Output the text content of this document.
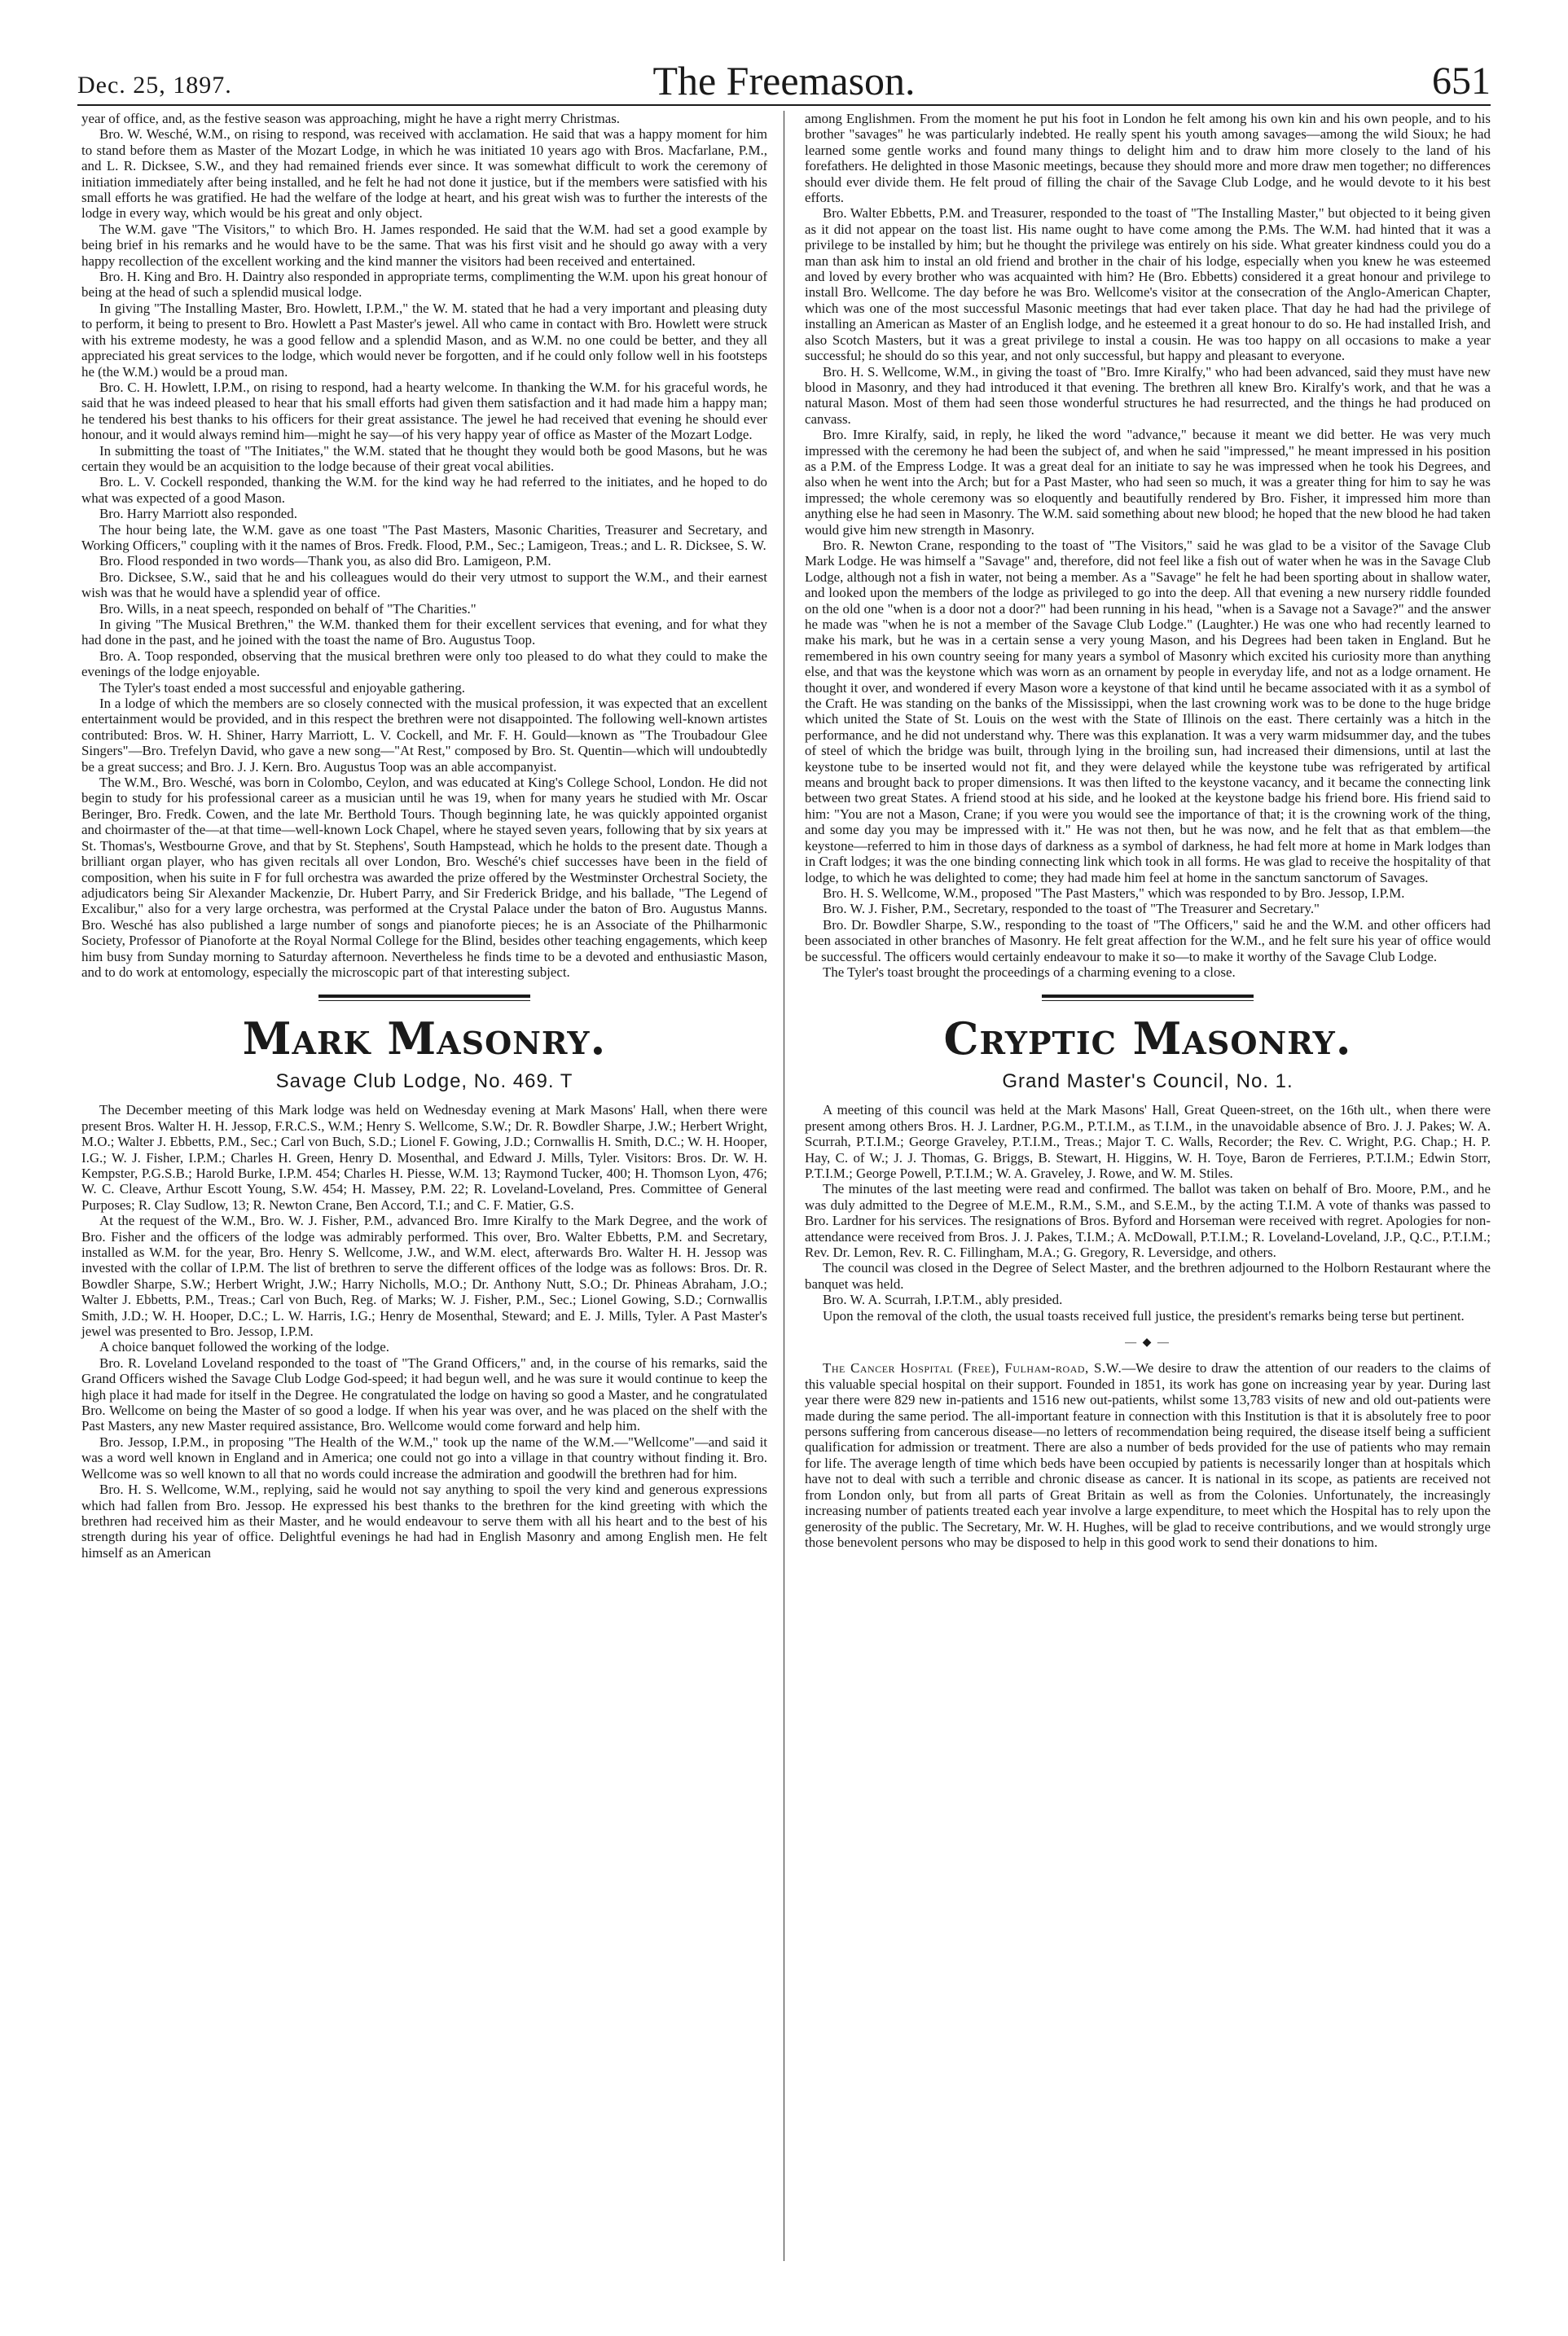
Dec. 25, 1897.	The Freemason.	651

year of office, and, as the festive season was approaching, might he have a right merry Christmas.

Bro. W. Wesché, W.M., on rising to respond, was received with acclamation. He said that was a happy moment for him to stand before them as Master of the Mozart Lodge, in which he was initiated 10 years ago with Bros. Macfarlane, P.M., and L. R. Dicksee, S.W., and they had remained friends ever since. It was somewhat difficult to work the ceremony of initiation immediately after being installed, and he felt he had not done it justice, but if the members were satisfied with his small efforts he was gratified. He had the welfare of the lodge at heart, and his great wish was to further the interests of the lodge in every way, which would be his great and only object.

The W.M. gave "The Visitors," to which Bro. H. James responded. He said that the W.M. had set a good example by being brief in his remarks and he would have to be the same. That was his first visit and he should go away with a very happy recollection of the excellent working and the kind manner the visitors had been received and entertained.

Bro. H. King and Bro. H. Daintry also responded in appropriate terms, complimenting the W.M. upon his great honour of being at the head of such a splendid musical lodge.

In giving "The Installing Master, Bro. Howlett, I.P.M.," the W. M. stated that he had a very important and pleasing duty to perform, it being to present to Bro. Howlett a Past Master's jewel. All who came in contact with Bro. Howlett were struck with his extreme modesty, he was a good fellow and a splendid Mason, and as W.M. no one could be better, and they all appreciated his great services to the lodge, which would never be forgotten, and if he could only follow well in his footsteps he (the W.M.) would be a proud man.

Bro. C. H. Howlett, I.P.M., on rising to respond, had a hearty welcome. In thanking the W.M. for his graceful words, he said that he was indeed pleased to hear that his small efforts had given them satisfaction and it had made him a happy man; he tendered his best thanks to his officers for their great assistance. The jewel he had received that evening he should ever honour, and it would always remind him—might he say—of his very happy year of office as Master of the Mozart Lodge.

In submitting the toast of "The Initiates," the W.M. stated that he thought they would both be good Masons, but he was certain they would be an acquisition to the lodge because of their great vocal abilities.

Bro. L. V. Cockell responded, thanking the W.M. for the kind way he had referred to the initiates, and he hoped to do what was expected of a good Mason.

Bro. Harry Marriott also responded.

The hour being late, the W.M. gave as one toast "The Past Masters, Masonic Charities, Treasurer and Secretary, and Working Officers," coupling with it the names of Bros. Fredk. Flood, P.M., Sec.; Lamigeon, Treas.; and L. R. Dicksee, S. W.

Bro. Flood responded in two words—Thank you, as also did Bro. Lamigeon, P.M.

Bro. Dicksee, S.W., said that he and his colleagues would do their very utmost to support the W.M., and their earnest wish was that he would have a splendid year of office.

Bro. Wills, in a neat speech, responded on behalf of "The Charities."

In giving "The Musical Brethren," the W.M. thanked them for their excellent services that evening, and for what they had done in the past, and he joined with the toast the name of Bro. Augustus Toop.

Bro. A. Toop responded, observing that the musical brethren were only too pleased to do what they could to make the evenings of the lodge enjoyable.

The Tyler's toast ended a most successful and enjoyable gathering.

In a lodge of which the members are so closely connected with the musical profession, it was expected that an excellent entertainment would be provided, and in this respect the brethren were not disappointed. The following well-known artistes contributed: Bros. W. H. Shiner, Harry Marriott, L. V. Cockell, and Mr. F. H. Gould—known as "The Troubadour Glee Singers"—Bro. Trefelyn David, who gave a new song—"At Rest," composed by Bro. St. Quentin—which will undoubtedly be a great success; and Bro. J. J. Kern. Bro. Augustus Toop was an able accompanyist.

The W.M., Bro. Wesché, was born in Colombo, Ceylon, and was educated at King's College School, London. He did not begin to study for his professional career as a musician until he was 19, when for many years he studied with Mr. Oscar Beringer, Bro. Fredk. Cowen, and the late Mr. Berthold Tours. Though beginning late, he was quickly appointed organist and choirmaster of the—at that time—well-known Lock Chapel, where he stayed seven years, following that by six years at St. Thomas's, Westbourne Grove, and that by St. Stephens', South Hampstead, which he holds to the present date. Though a brilliant organ player, who has given recitals all over London, Bro. Wesché's chief successes have been in the field of composition, when his suite in F for full orchestra was awarded the prize offered by the Westminster Orchestral Society, the adjudicators being Sir Alexander Mackenzie, Dr. Hubert Parry, and Sir Frederick Bridge, and his ballade, "The Legend of Excalibur," also for a very large orchestra, was performed at the Crystal Palace under the baton of Bro. Augustus Manns. Bro. Wesché has also published a large number of songs and pianoforte pieces; he is an Associate of the Philharmonic Society, Professor of Pianoforte at the Royal Normal College for the Blind, besides other teaching engagements, which keep him busy from Sunday morning to Saturday afternoon. Nevertheless he finds time to be a devoted and enthusiastic Mason, and to do work at entomology, especially the microscopic part of that interesting subject.

Mark Masonry.
Savage Club Lodge, No. 469. T

The December meeting of this Mark lodge was held on Wednesday evening at Mark Masons' Hall, when there were present Bros. Walter H. H. Jessop, F.R.C.S., W.M.; Henry S. Wellcome, S.W.; Dr. R. Bowdler Sharpe, J.W.; Herbert Wright, M.O.; Walter J. Ebbetts, P.M., Sec.; Carl von Buch, S.D.; Lionel F. Gowing, J.D.; Cornwallis H. Smith, D.C.; W. H. Hooper, I.G.; W. J. Fisher, I.P.M.; Charles H. Green, Henry D. Mosenthal, and Edward J. Mills, Tyler. Visitors: Bros. Dr. W. H. Kempster, P.G.S.B.; Harold Burke, I.P.M. 454; Charles H. Piesse, W.M. 13; Raymond Tucker, 400; H. Thomson Lyon, 476; W. C. Cleave, Arthur Escott Young, S.W. 454; H. Massey, P.M. 22; R. Loveland-Loveland, Pres. Committee of General Purposes; R. Clay Sudlow, 13; R. Newton Crane, Ben Accord, T.I.; and C. F. Matier, G.S.

At the request of the W.M., Bro. W. J. Fisher, P.M., advanced Bro. Imre Kiralfy to the Mark Degree, and the work of Bro. Fisher and the officers of the lodge was admirably performed. This over, Bro. Walter Ebbetts, P.M. and Secretary, installed as W.M. for the year, Bro. Henry S. Wellcome, J.W., and W.M. elect, afterwards Bro. Walter H. H. Jessop was invested with the collar of I.P.M. The list of brethren to serve the different offices of the lodge was as follows: Bros. Dr. R. Bowdler Sharpe, S.W.; Herbert Wright, J.W.; Harry Nicholls, M.O.; Dr. Anthony Nutt, S.O.; Dr. Phineas Abraham, J.O.; Walter J. Ebbetts, P.M., Treas.; Carl von Buch, Reg. of Marks; W. J. Fisher, P.M., Sec.; Lionel Gowing, S.D.; Cornwallis Smith, J.D.; W. H. Hooper, D.C.; L. W. Harris, I.G.; Henry de Mosenthal, Steward; and E. J. Mills, Tyler. A Past Master's jewel was presented to Bro. Jessop, I.P.M.

A choice banquet followed the working of the lodge.

Bro. R. Loveland Loveland responded to the toast of "The Grand Officers," and, in the course of his remarks, said the Grand Officers wished the Savage Club Lodge God-speed; it had begun well, and he was sure it would continue to keep the high place it had made for itself in the Degree. He congratulated the lodge on having so good a Master, and he congratulated Bro. Wellcome on being the Master of so good a lodge. If when his year was over, and he was placed on the shelf with the Past Masters, any new Master required assistance, Bro. Wellcome would come forward and help him.

Bro. Jessop, I.P.M., in proposing "The Health of the W.M.," took up the name of the W.M.—"Wellcome"—and said it was a word well known in England and in America; one could not go into a village in that country without finding it. Bro. Wellcome was so well known to all that no words could increase the admiration and goodwill the brethren had for him.

Bro. H. S. Wellcome, W.M., replying, said he would not say anything to spoil the very kind and generous expressions which had fallen from Bro. Jessop. He expressed his best thanks to the brethren for the kind greeting with which the brethren had received him as their Master, and he would endeavour to serve them with all his heart and to the best of his strength during his year of office. Delightful evenings he had had in English Masonry and among English men. He felt himself as an American

among Englishmen. From the moment he put his foot in London he felt among his own kin and his own people, and to his brother "savages" he was particularly indebted. He really spent his youth among savages—among the wild Sioux; he had learned some gentle works and found many things to delight him and to draw him more closely to the land of his forefathers. He delighted in those Masonic meetings, because they should more and more draw men together; no differences should ever divide them. He felt proud of filling the chair of the Savage Club Lodge, and he would devote to it his best efforts.

Bro. Walter Ebbetts, P.M. and Treasurer, responded to the toast of "The Installing Master," but objected to it being given as it did not appear on the toast list. His name ought to have come among the P.Ms. The W.M. had hinted that it was a privilege to be installed by him; but he thought the privilege was entirely on his side. What greater kindness could you do a man than ask him to instal an old friend and brother in the chair of his lodge, especially when you knew he was esteemed and loved by every brother who was acquainted with him? He (Bro. Ebbetts) considered it a great honour and privilege to install Bro. Wellcome. The day before he was Bro. Wellcome's visitor at the consecration of the Anglo-American Chapter, which was one of the most successful Masonic meetings that had ever taken place. That day he had had the privilege of installing an American as Master of an English lodge, and he esteemed it a great honour to do so. He had installed Irish, and also Scotch Masters, but it was a great privilege to instal a cousin. He was too happy on all occasions to make a year successful; he should do so this year, and not only successful, but happy and pleasant to everyone.

Bro. H. S. Wellcome, W.M., in giving the toast of "Bro. Imre Kiralfy," who had been advanced, said they must have new blood in Masonry, and they had introduced it that evening. The brethren all knew Bro. Kiralfy's work, and that he was a natural Mason. Most of them had seen those wonderful structures he had resurrected, and the things he had produced on canvass.

Bro. Imre Kiralfy, said, in reply, he liked the word "advance," because it meant we did better. He was very much impressed with the ceremony he had been the subject of, and when he said "impressed," he meant impressed in his position as a P.M. of the Empress Lodge. It was a great deal for an initiate to say he was impressed when he took his Degrees, and also when he went into the Arch; but for a Past Master, who had seen so much, it was a greater thing for him to say he was impressed; the whole ceremony was so eloquently and beautifully rendered by Bro. Fisher, it impressed him more than anything else he had seen in Masonry. The W.M. said something about new blood; he hoped that the new blood he had taken would give him new strength in Masonry.

Bro. R. Newton Crane, responding to the toast of "The Visitors," said he was glad to be a visitor of the Savage Club Mark Lodge. He was himself a "Savage" and, therefore, did not feel like a fish out of water when he was in the Savage Club Lodge, although not a fish in water, not being a member. As a "Savage" he felt he had been sporting about in shallow water, and looked upon the members of the lodge as privileged to go into the deep. All that evening a new nursery riddle founded on the old one "when is a door not a door?" had been running in his head, "when is a Savage not a Savage?" and the answer he made was "when he is not a member of the Savage Club Lodge." (Laughter.) He was one who had recently learned to make his mark, but he was in a certain sense a very young Mason, and his Degrees had been taken in England. But he remembered in his own country seeing for many years a symbol of Masonry which excited his curiosity more than anything else, and that was the keystone which was worn as an ornament by people in everyday life, and not as a lodge ornament. He thought it over, and wondered if every Mason wore a keystone of that kind until he became associated with it as a symbol of the Craft. He was standing on the banks of the Mississippi, when the last crowning work was to be done to the huge bridge which united the State of St. Louis on the west with the State of Illinois on the east. There certainly was a hitch in the performance, and he did not understand why. There was this explanation. It was a very warm midsummer day, and the tubes of steel of which the bridge was built, through lying in the broiling sun, had increased their dimensions, until at last the keystone tube to be inserted would not fit, and they were delayed while the keystone tube was refrigerated by artifical means and brought back to proper dimensions. It was then lifted to the keystone vacancy, and it became the connecting link between two great States. A friend stood at his side, and he looked at the keystone badge his friend bore. His friend said to him: "You are not a Mason, Crane; if you were you would see the importance of that; it is the crowning work of the thing, and some day you may be impressed with it." He was not then, but he was now, and he felt that as that emblem—the keystone—referred to him in those days of darkness as a symbol of darkness, he had felt more at home in Mark lodges than in Craft lodges; it was the one binding connecting link which took in all forms. He was glad to receive the hospitality of that lodge, to which he was delighted to come; they had made him feel at home in the sanctum sanctorum of Savages.

Bro. H. S. Wellcome, W.M., proposed "The Past Masters," which was responded to by Bro. Jessop, I.P.M.

Bro. W. J. Fisher, P.M., Secretary, responded to the toast of "The Treasurer and Secretary."

Bro. Dr. Bowdler Sharpe, S.W., responding to the toast of "The Officers," said he and the W.M. and other officers had been associated in other branches of Masonry. He felt great affection for the W.M., and he felt sure his year of office would be successful. The officers would certainly endeavour to make it so—to make it worthy of the Savage Club Lodge.

The Tyler's toast brought the proceedings of a charming evening to a close.

Cryptic Masonry.
Grand Master's Council, No. 1.

A meeting of this council was held at the Mark Masons' Hall, Great Queen-street, on the 16th ult., when there were present among others Bros. H. J. Lardner, P.G.M., P.T.I.M., as T.I.M., in the unavoidable absence of Bro. J. J. Pakes; W. A. Scurrah, P.T.I.M.; George Graveley, P.T.I.M., Treas.; Major T. C. Walls, Recorder; the Rev. C. Wright, P.G. Chap.; H. P. Hay, C. of W.; J. J. Thomas, G. Briggs, B. Stewart, H. Higgins, W. H. Toye, Baron de Ferrieres, P.T.I.M.; Edwin Storr, P.T.I.M.; George Powell, P.T.I.M.; W. A. Graveley, J. Rowe, and W. M. Stiles.

The minutes of the last meeting were read and confirmed. The ballot was taken on behalf of Bro. Moore, P.M., and he was duly admitted to the Degree of M.E.M., R.M., S.M., and S.E.M., by the acting T.I.M. A vote of thanks was passed to Bro. Lardner for his services. The resignations of Bros. Byford and Horseman were received with regret. Apologies for non-attendance were received from Bros. J. J. Pakes, T.I.M.; A. McDowall, P.T.I.M.; R. Loveland-Loveland, J.P., Q.C., P.T.I.M.; Rev. Dr. Lemon, Rev. R. C. Fillingham, M.A.; G. Gregory, R. Leversidge, and others.

The council was closed in the Degree of Select Master, and the brethren adjourned to the Holborn Restaurant where the banquet was held.

Bro. W. A. Scurrah, I.P.T.M., ably presided.

Upon the removal of the cloth, the usual toasts received full justice, the president's remarks being terse but pertinent.

— ◆ —

The Cancer Hospital (Free), Fulham-road, S.W.—We desire to draw the attention of our readers to the claims of this valuable special hospital on their support. Founded in 1851, its work has gone on increasing year by year. During last year there were 829 new in-patients and 1516 new out-patients, whilst some 13,783 visits of new and old out-patients were made during the same period. The all-important feature in connection with this Institution is that it is absolutely free to poor persons suffering from cancerous disease—no letters of recommendation being required, the disease itself being a sufficient qualification for admission or treatment. There are also a number of beds provided for the use of patients who may remain for life. The average length of time which beds have been occupied by patients is necessarily longer than at hospitals which have not to deal with such a terrible and chronic disease as cancer. It is national in its scope, as patients are received not from London only, but from all parts of Great Britain as well as from the Colonies. Unfortunately, the increasingly increasing number of patients treated each year involve a large expenditure, to meet which the Hospital has to rely upon the generosity of the public. The Secretary, Mr. W. H. Hughes, will be glad to receive contributions, and we would strongly urge those benevolent persons who may be disposed to help in this good work to send their donations to him.
